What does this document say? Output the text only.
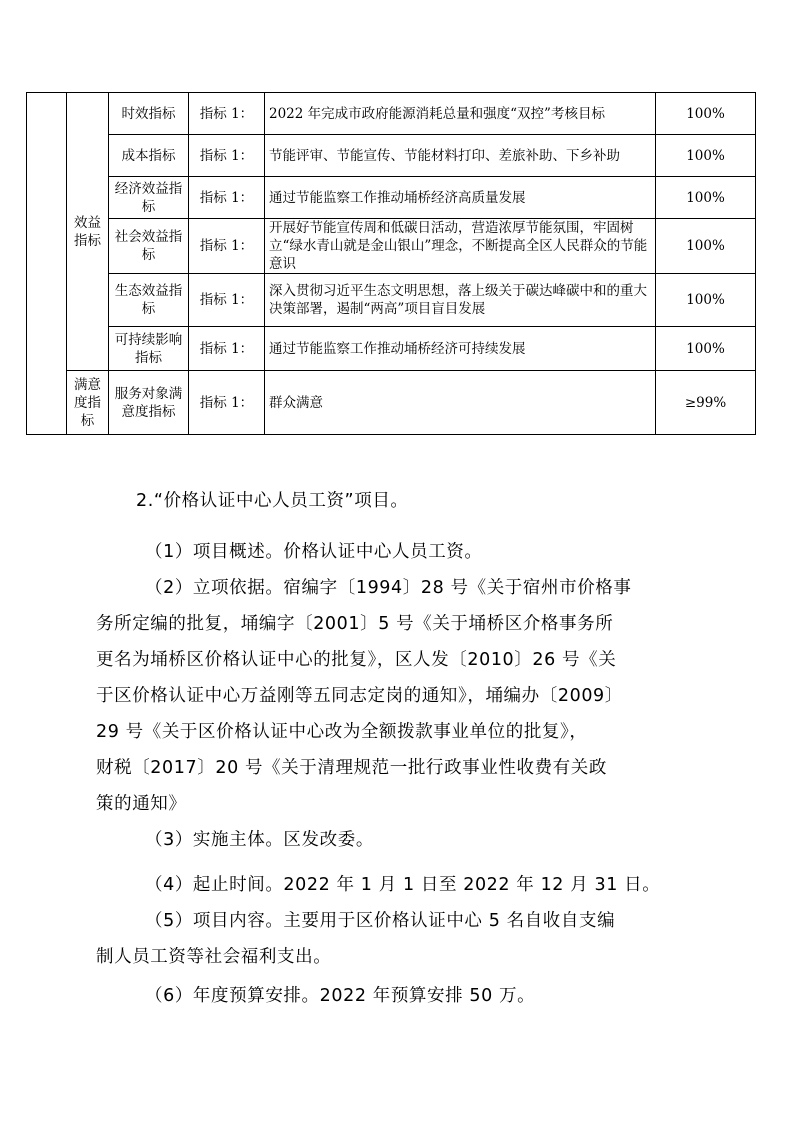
	效益指标	时效指标	指标 1：	2022 年完成市政府能源消耗总量和强度“双控”考核目标	100%
		成本指标	指标 1：	节能评审、节能宣传、节能材料打印、差旅补助、下乡补助	100%
		经济效益指标	指标 1：	通过节能监察工作推动埇桥经济高质量发展	100%
		社会效益指标	指标 1：	开展好节能宣传周和低碳日活动，营造浓厚节能氛围，牢固树立“绿水青山就是金山银山”理念，不断提高全区人民群众的节能意识	100%
		生态效益指标	指标 1：	深入贯彻习近平生态文明思想，落上级关于碳达峰碳中和的重大决策部署，遏制“两高”项目盲目发展	100%
		可持续影响指标	指标 1：	通过节能监察工作推动埇桥经济可持续发展	100%
	满意度指标	服务对象满意度指标	指标 1：	群众满意	≥99%

2.“价格认证中心人员工资”项目。

（1）项目概述。价格认证中心人员工资。

（2）立项依据。宿编字〔1994〕28 号《关于宿州市价格事

务所定编的批复，埇编字〔2001〕5 号《关于埇桥区介格事务所

更名为埇桥区价格认证中心的批复》，区人发〔2010〕26 号《关

于区价格认证中心万益刚等五同志定岗的通知》，埇编办〔2009〕

29 号《关于区价格认证中心改为全额拨款事业单位的批复》，

财税〔2017〕20 号《关于清理规范一批行政事业性收费有关政

策的通知》

（3）实施主体。区发改委。

（4）起止时间。2022 年 1 月 1 日至 2022 年 12 月 31 日。

（5）项目内容。主要用于区价格认证中心 5 名自收自支编

制人员工资等社会福利支出。

（6）年度预算安排。2022 年预算安排 50 万。
